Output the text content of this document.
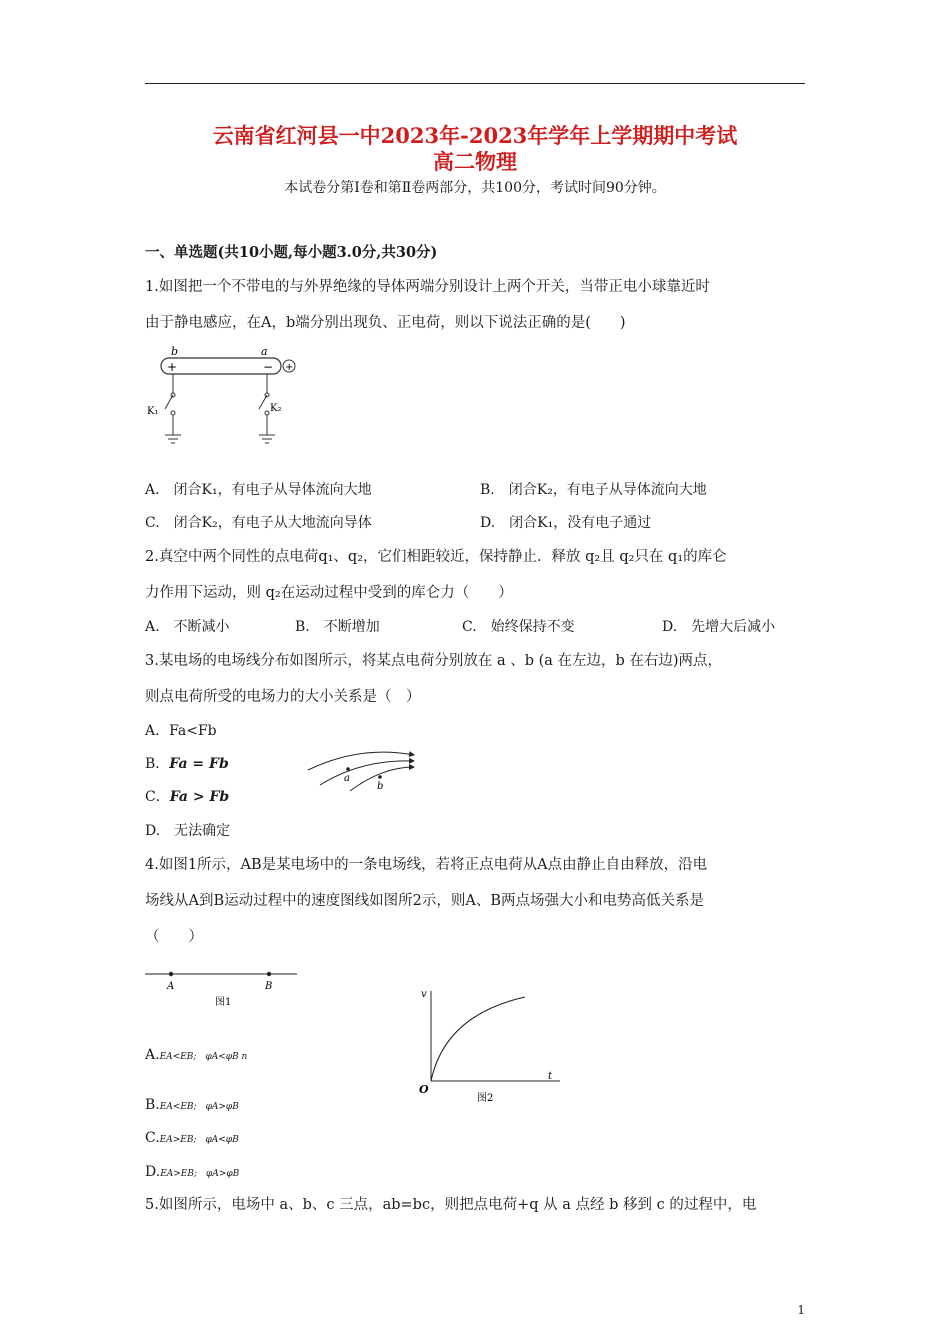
云南省红河县一中2023年-2023年学年上学期期中考试
高二物理
本试卷分第Ⅰ卷和第Ⅱ卷两部分，共100分，考试时间90分钟。
一、单选题(共10小题,每小题3.0分,共30分)
1.如图把一个不带电的与外界绝缘的导体两端分别设计上两个开关，当带正电小球靠近时
由于静电感应，在A，b端分别出现负、正电荷，则以下说法正确的是(　　)
b	a
+	− +
K₁	K₂
A.　闭合K₁，有电子从导体流向大地	B.　闭合K₂，有电子从导体流向大地
C.　闭合K₂，有电子从大地流向导体	D.　闭合K₁，没有电子通过
2.真空中两个同性的点电荷q₁、q₂，它们相距较近，保持静止．释放 q₂且 q₂只在 q₁的库仑
力作用下运动，则 q₂在运动过程中受到的库仑力（　　）
A.　不断减小	B.　不断增加	C.　始终保持不变	D.　先增大后减小
3.某电场的电场线分布如图所示，将某点电荷分别放在 a 、b (a 在左边，b 在右边)两点，
则点电荷所受的电场力的大小关系是（　）
A．Fa<Fb
B．Fa = Fb
C．Fa > Fb
D.　无法确定
a
b
4.如图1所示，AB是某电场中的一条电场线，若将正点电荷从A点由静止自由释放，沿电
场线从A到B运动过程中的速度图线如图所2示，则A、B两点场强大小和电势高低关系是
（　　）
A	B
图1
v
t
O
图2
A.EA<EB;　φA<φB n
B.EA<EB;　φA>φB
C.EA>EB;　φA<φB
D.EA>EB;　φA>φB
5.如图所示，电场中 a、b、c 三点，ab=bc，则把点电荷+q 从 a 点经 b 移到 c 的过程中，电
1
